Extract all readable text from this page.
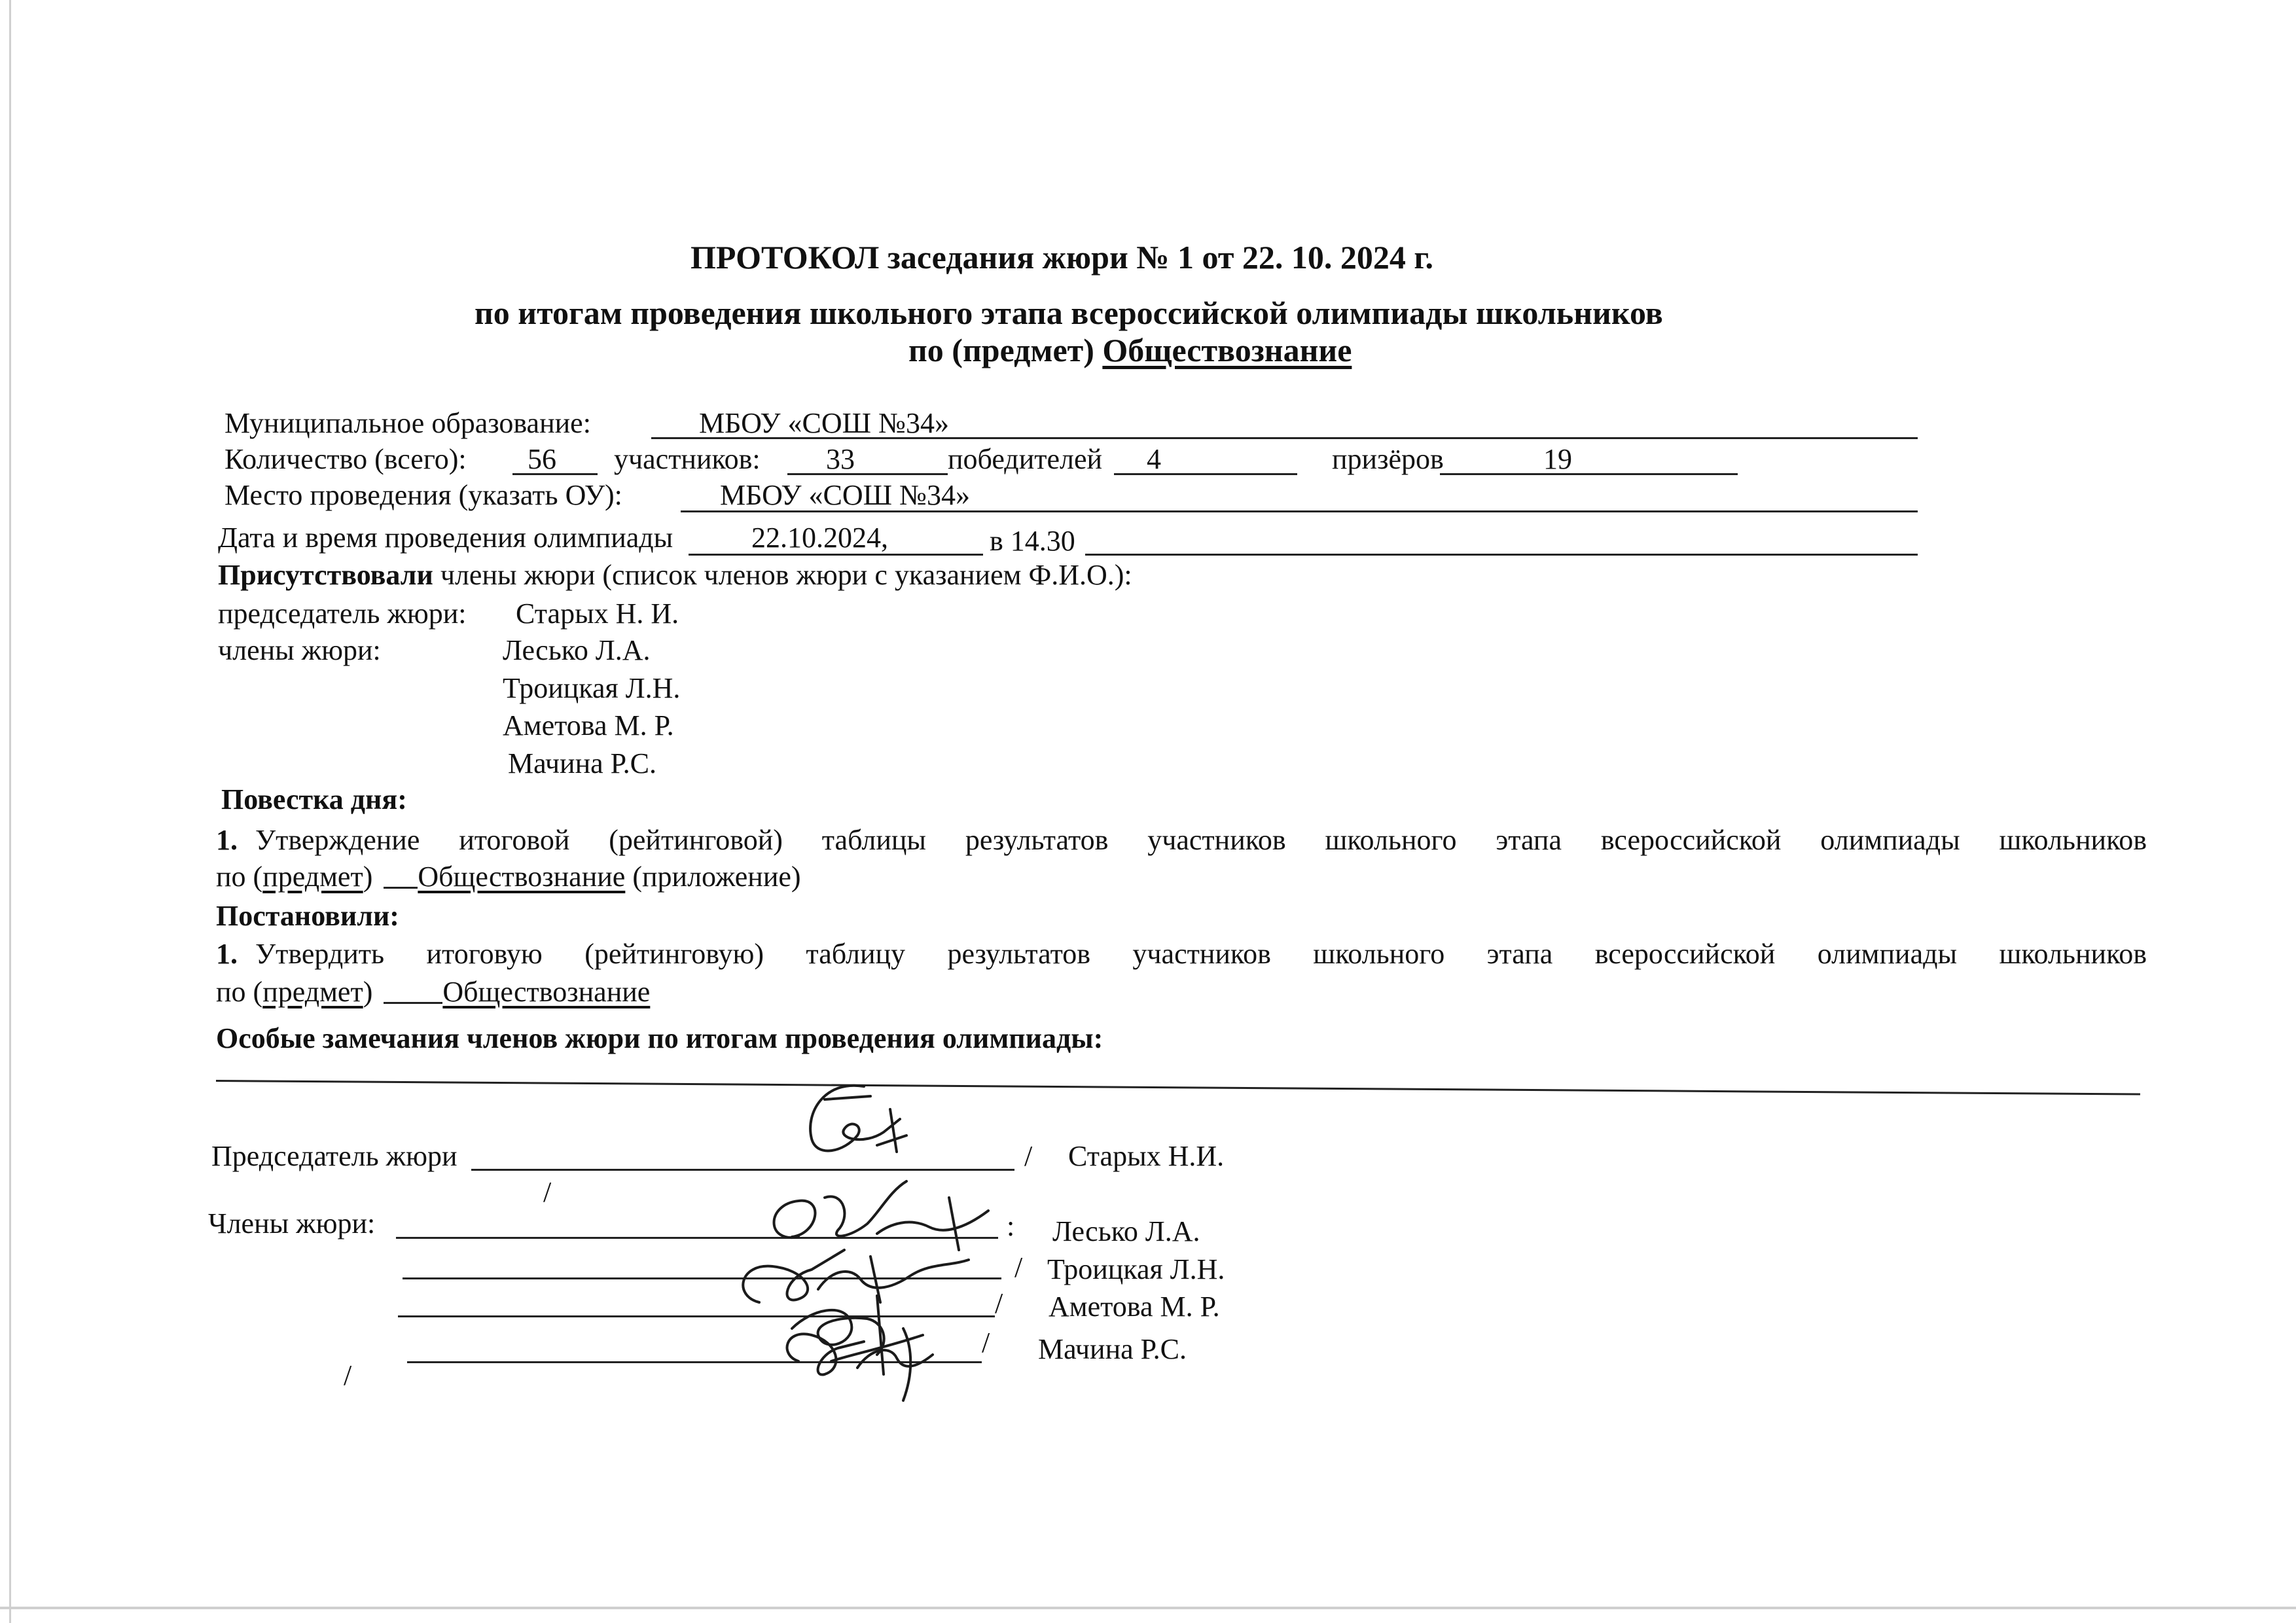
ПРОТОКОЛ заседания жюри № 1 от 22. 10. 2024 г.
по итогам проведения школьного этапа всероссийской олимпиады школьников
по (предмет) Обществознание
Муниципальное образование:	МБОУ «СОШ №34»
Количество (всего): 56 участников: 33	победителей 4	призёров	19
Место проведения (указать ОУ):	МБОУ «СОШ №34»
Дата и время проведения олимпиады	22.10.2024,	в 14.30
Присутствовали члены жюри (список членов жюри с указанием Ф.И.О.):
председатель жюри: Старых Н. И.
члены жюри:	Лесько Л.А.
Троицкая Л.Н.
Аметова М. Р.
Мачина Р.С.
Повестка дня:
1. Утверждение итоговой (рейтинговой) таблицы результатов участников школьного этапа всероссийской олимпиады школьников
по (предмет) Обществознание (приложение)
Постановили:
1. Утвердить итоговую (рейтинговую) таблицу результатов участников школьного этапа всероссийской олимпиады школьников
по (предмет) Обществознание
Особые замечания членов жюри по итогам проведения олимпиады:
Председатель жюри	/ Старых Н.И.
/
Члены жюри:	: Лесько Л.А.
/ Троицкая Л.Н.
/ Аметова М. Р.
/ Мачина Р.С.
/
